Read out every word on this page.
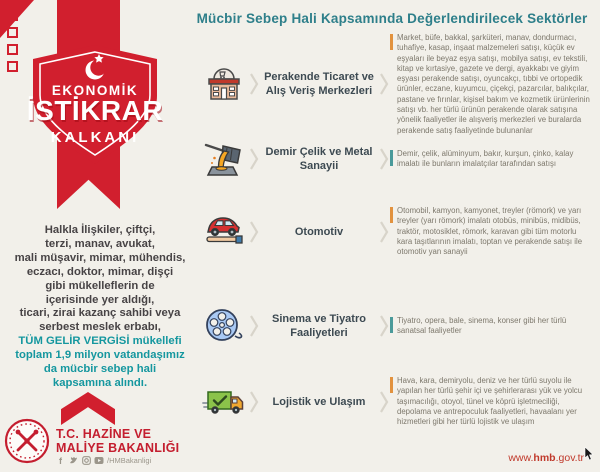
EKONOMİK
İSTİKRAR
KALKANI
Halkla İlişkiler, çiftçi,
terzi, manav, avukat,
mali müşavir, mimar, mühendis,
eczacı, doktor, mimar, dişçi
gibi mükelleflerin de
içerisinde yer aldığı,
ticari, zirai kazanç sahibi veya
serbest meslek erbabı,
TÜM GELİR VERGİSİ mükellefi
toplam 1,9 milyon vatandaşımız
da mücbir sebep hali
kapsamına alındı.
T.C. HAZİNE VE
MALİYE BAKANLIĞI
f	/HMBakanligi
Mücbir Sebep Hali Kapsamında Değerlendirilecek Sektörler
Perakende Ticaret ve Alış Veriş Merkezleri
Market, büfe, bakkal, şarküteri, manav, dondurmacı, tuhafiye, kasap, inşaat malzemeleri satışı, küçük ev eşyaları ile beyaz eşya satışı, mobilya satışı, ev tekstili, kitap ve kırtasiye, gazete ve dergi, ayakkabı ve giyim eşyası perakende satışı, oyuncakçı, tıbbi ve ortopedik ürünler, eczane, kuyumcu, çiçekçi, pazarcılar, balıkçılar, pastane ve fırınlar, kişisel bakım ve kozmetik ürünlerinin satışı vb. her türlü ürünün perakende olarak satışına yönelik faaliyetler ile alışveriş merkezleri ve buralarda perakende satış faaliyetinde bulunanlar
Demir Çelik ve Metal Sanayii
Demir, çelik, alüminyum, bakır, kurşun, çinko, kalay imalatı ile bunların imalatçılar tarafından satışı
Otomotiv
Otomobil, kamyon, kamyonet, treyler (römork) ve yarı treyler (yarı römork) imalatı otobüs, minibüs, midibüs, traktör, motosiklet, römork, karavan gibi tüm motorlu kara taşıtlarının imalatı, toptan ve perakende satışı ile otomotiv yan sanayii
Sinema ve Tiyatro Faaliyetleri
Tiyatro, opera, bale, sinema, konser gibi her türlü sanatsal faaliyetler
Lojistik ve Ulaşım
Hava, kara, demiryolu, deniz ve her türlü suyolu ile yapılan her türlü şehir içi ve şehirlerarası yük ve yolcu taşımacılığı, otoyol, tünel ve köprü işletmeciliği, depolama ve antrepoculuk faaliyetleri, havaalanı yer hizmetleri gibi her türlü lojistik ve ulaşım
www.hmb.gov.tr
